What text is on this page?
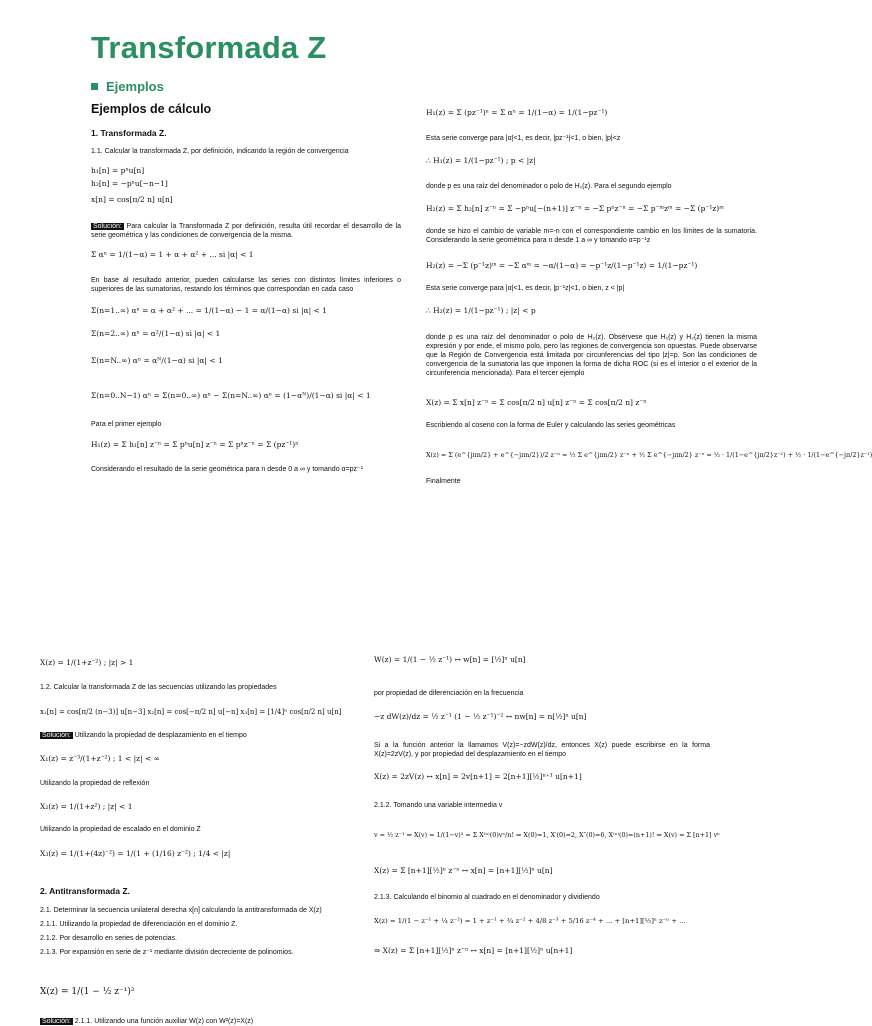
Transformada Z
Ejemplos
Ejemplos de cálculo
1. Transformada Z.
1.1. Calcular la transformada Z, por definición, indicando la región de convergencia
h₁[n] = pⁿu[n]
h₂[n] = −pⁿu[−n−1]
x[n] = cos[π/2 n] u[n]
Solución: Para calcular la Transformada Z por definición, resulta útil recordar el desarrollo de la serie geométrica y las condiciones de convergencia de la misma.
Σ αⁿ = 1/(1−α) = 1 + α + α² + ... si |α| < 1
En base al resultado anterior, pueden calcularse las series con distintos límites inferiores o superiores de las sumatorias, restando los términos que correspondan en cada caso
Σ(n=1..∞) αⁿ = α + α² + ... = 1/(1−α) − 1 = α/(1−α) si |α| < 1
Σ(n=2..∞) αⁿ = α²/(1−α) si |α| < 1
Σ(n=N..∞) αⁿ = αᴺ/(1−α) si |α| < 1
Σ(n=0..N−1) αⁿ = Σ(n=0..∞) αⁿ − Σ(n=N..∞) αⁿ = (1−αᴺ)/(1−α) si |α| < 1
Para el primer ejemplo
H₁(z) = Σ h₁[n] z⁻ⁿ = Σ pⁿu[n] z⁻ⁿ = Σ pⁿz⁻ⁿ = Σ (pz⁻¹)ⁿ
Considerando el resultado de la serie geométrica para n desde 0 a ∞ y tomando α=pz⁻¹
H₁(z) = Σ (pz⁻¹)ⁿ = Σ αⁿ = 1/(1−α) = 1/(1−pz⁻¹)
Esta serie converge para |α|<1, es decir, |pz⁻¹|<1, o bien, |p|<z
∴ H₁(z) = 1/(1−pz⁻¹) ; p < |z|
donde p es una raíz del denominador o polo de H₁(z). Para el segundo ejemplo
H₂(z) = Σ h₂[n] z⁻ⁿ = Σ −pⁿu[−(n+1)] z⁻ⁿ = −Σ pⁿz⁻ⁿ = −Σ p⁻ᵐzᵐ = −Σ (p⁻¹z)ᵐ
donde se hizo el cambio de variable m=-n con el correspondiente cambio en los límites de la sumatoria. Considerando la serie geométrica para n desde 1 a ∞ y tomando α=p⁻¹z
H₂(z) = −Σ (p⁻¹z)ᵐ = −Σ αᵐ = −α/(1−α) = −p⁻¹z/(1−p⁻¹z) = 1/(1−pz⁻¹)
Esta serie converge para |α|<1, es decir, |p⁻¹z|<1, o bien, z < |p|
∴ H₂(z) = 1/(1−pz⁻¹) ; |z| < p
donde p es una raíz del denominador o polo de H₂(z). Obsérvese que H₁(z) y H₂(z) tienen la misma expresión y por ende, el mismo polo, pero las regiones de convergencia son opuestas. Puede observarse que la Región de Convergencia está limitada por circunferencias del tipo |z|=p. Son las condiciones de convergencia de la sumatoria las que imponen la forma de dicha ROC (si es el interior o el exterior de la circunferencia mencionada). Para el tercer ejemplo
X(z) = Σ x[n] z⁻ⁿ = Σ cos[π/2 n] u[n] z⁻ⁿ = Σ cos[π/2 n] z⁻ⁿ
Escribiendo al coseno con la forma de Euler y calculando las series geométricas
X(z) = Σ (e^{jπn/2} + e^{−jπn/2})/2 z⁻ⁿ = ½ Σ e^{jπn/2} z⁻ⁿ + ½ Σ e^{−jπn/2} z⁻ⁿ = ½ · 1/(1−e^{jπ/2}z⁻¹) + ½ · 1/(1−e^{−jπ/2}z⁻¹)
Finalmente
X(z) = 1/(1+z⁻²) ; |z| > 1
1.2. Calcular la transformada Z de las secuencias utilizando las propiedades
x₁[n] = cos[π/2 (n−3)] u[n−3] x₂[n] = cos[−π/2 n] u[−n] x₃[n] = [1/4]ⁿ cos[π/2 n] u[n]
Solución: Utilizando la propiedad de desplazamiento en el tiempo
X₁(z) = z⁻³/(1+z⁻²) ; 1 < |z| < ∞
Utilizando la propiedad de reflexión
X₂(z) = 1/(1+z²) ; |z| < 1
Utilizando la propiedad de escalado en el dominio Z
X₃(z) = 1/(1+(4z)⁻²) = 1/(1 + (1/16) z⁻²) ; 1/4 < |z|
2. Antitransformada Z.
2.1. Determinar la secuencia unilateral derecha x[n] calculando la antitransformada de X(z)
2.1.1. Utilizando la propiedad de diferenciación en el dominio Z.
2.1.2. Por desarrollo en series de potencias.
2.1.3. Por expansión en serie de z⁻¹ mediante división decreciente de polinomios.
X(z) = 1/(1 − ½ z⁻¹)²
Solución: 2.1.1. Utilizando una función auxiliar W(z) con W²(z)=X(z)
W(z) = 1/(1 − ½ z⁻¹) ↔ w[n] = [½]ⁿ u[n]
por propiedad de diferenciación en la frecuencia
−z dW(z)/dz = ½ z⁻¹ (1 − ½ z⁻¹)⁻² ↔ nw[n] = n[½]ⁿ u[n]
Si a la función anterior la llamamos V(z)=−zdW(z)/dz, entonces X(z) puede escribirse en la forma X(z)=2zV(z), y por propiedad del desplazamiento en el tiempo
X(z) = 2zV(z) ↔ x[n] = 2v[n+1] = 2[n+1][½]ⁿ⁺¹ u[n+1]
2.1.2. Tomando una variable intermedia v
v = ½ z⁻¹ ⇒ X(v) = 1/(1−v)² = Σ X⁽ⁿ⁾(0)vⁿ/n! ⇒ X(0)=1, X′(0)=2, X″(0)=6, X⁽ⁿ⁾(0)=(n+1)! ⇒ X(v) = Σ [n+1] vⁿ
X(z) = Σ [n+1][½]ⁿ z⁻ⁿ ↔ x[n] = [n+1][½]ⁿ u[n]
2.1.3. Calculando el binomio al cuadrado en el denominador y dividiendo
X(z) = 1/(1 − z⁻¹ + ¼ z⁻²) = 1 + z⁻¹ + ¾ z⁻² + 4/8 z⁻³ + 5/16 z⁻⁴ + ... + [n+1][½]ⁿ z⁻ⁿ + ...
⇒ X(z) = Σ [n+1][½]ⁿ z⁻ⁿ ↔ x[n] = [n+1][½]ⁿ u[n+1]
